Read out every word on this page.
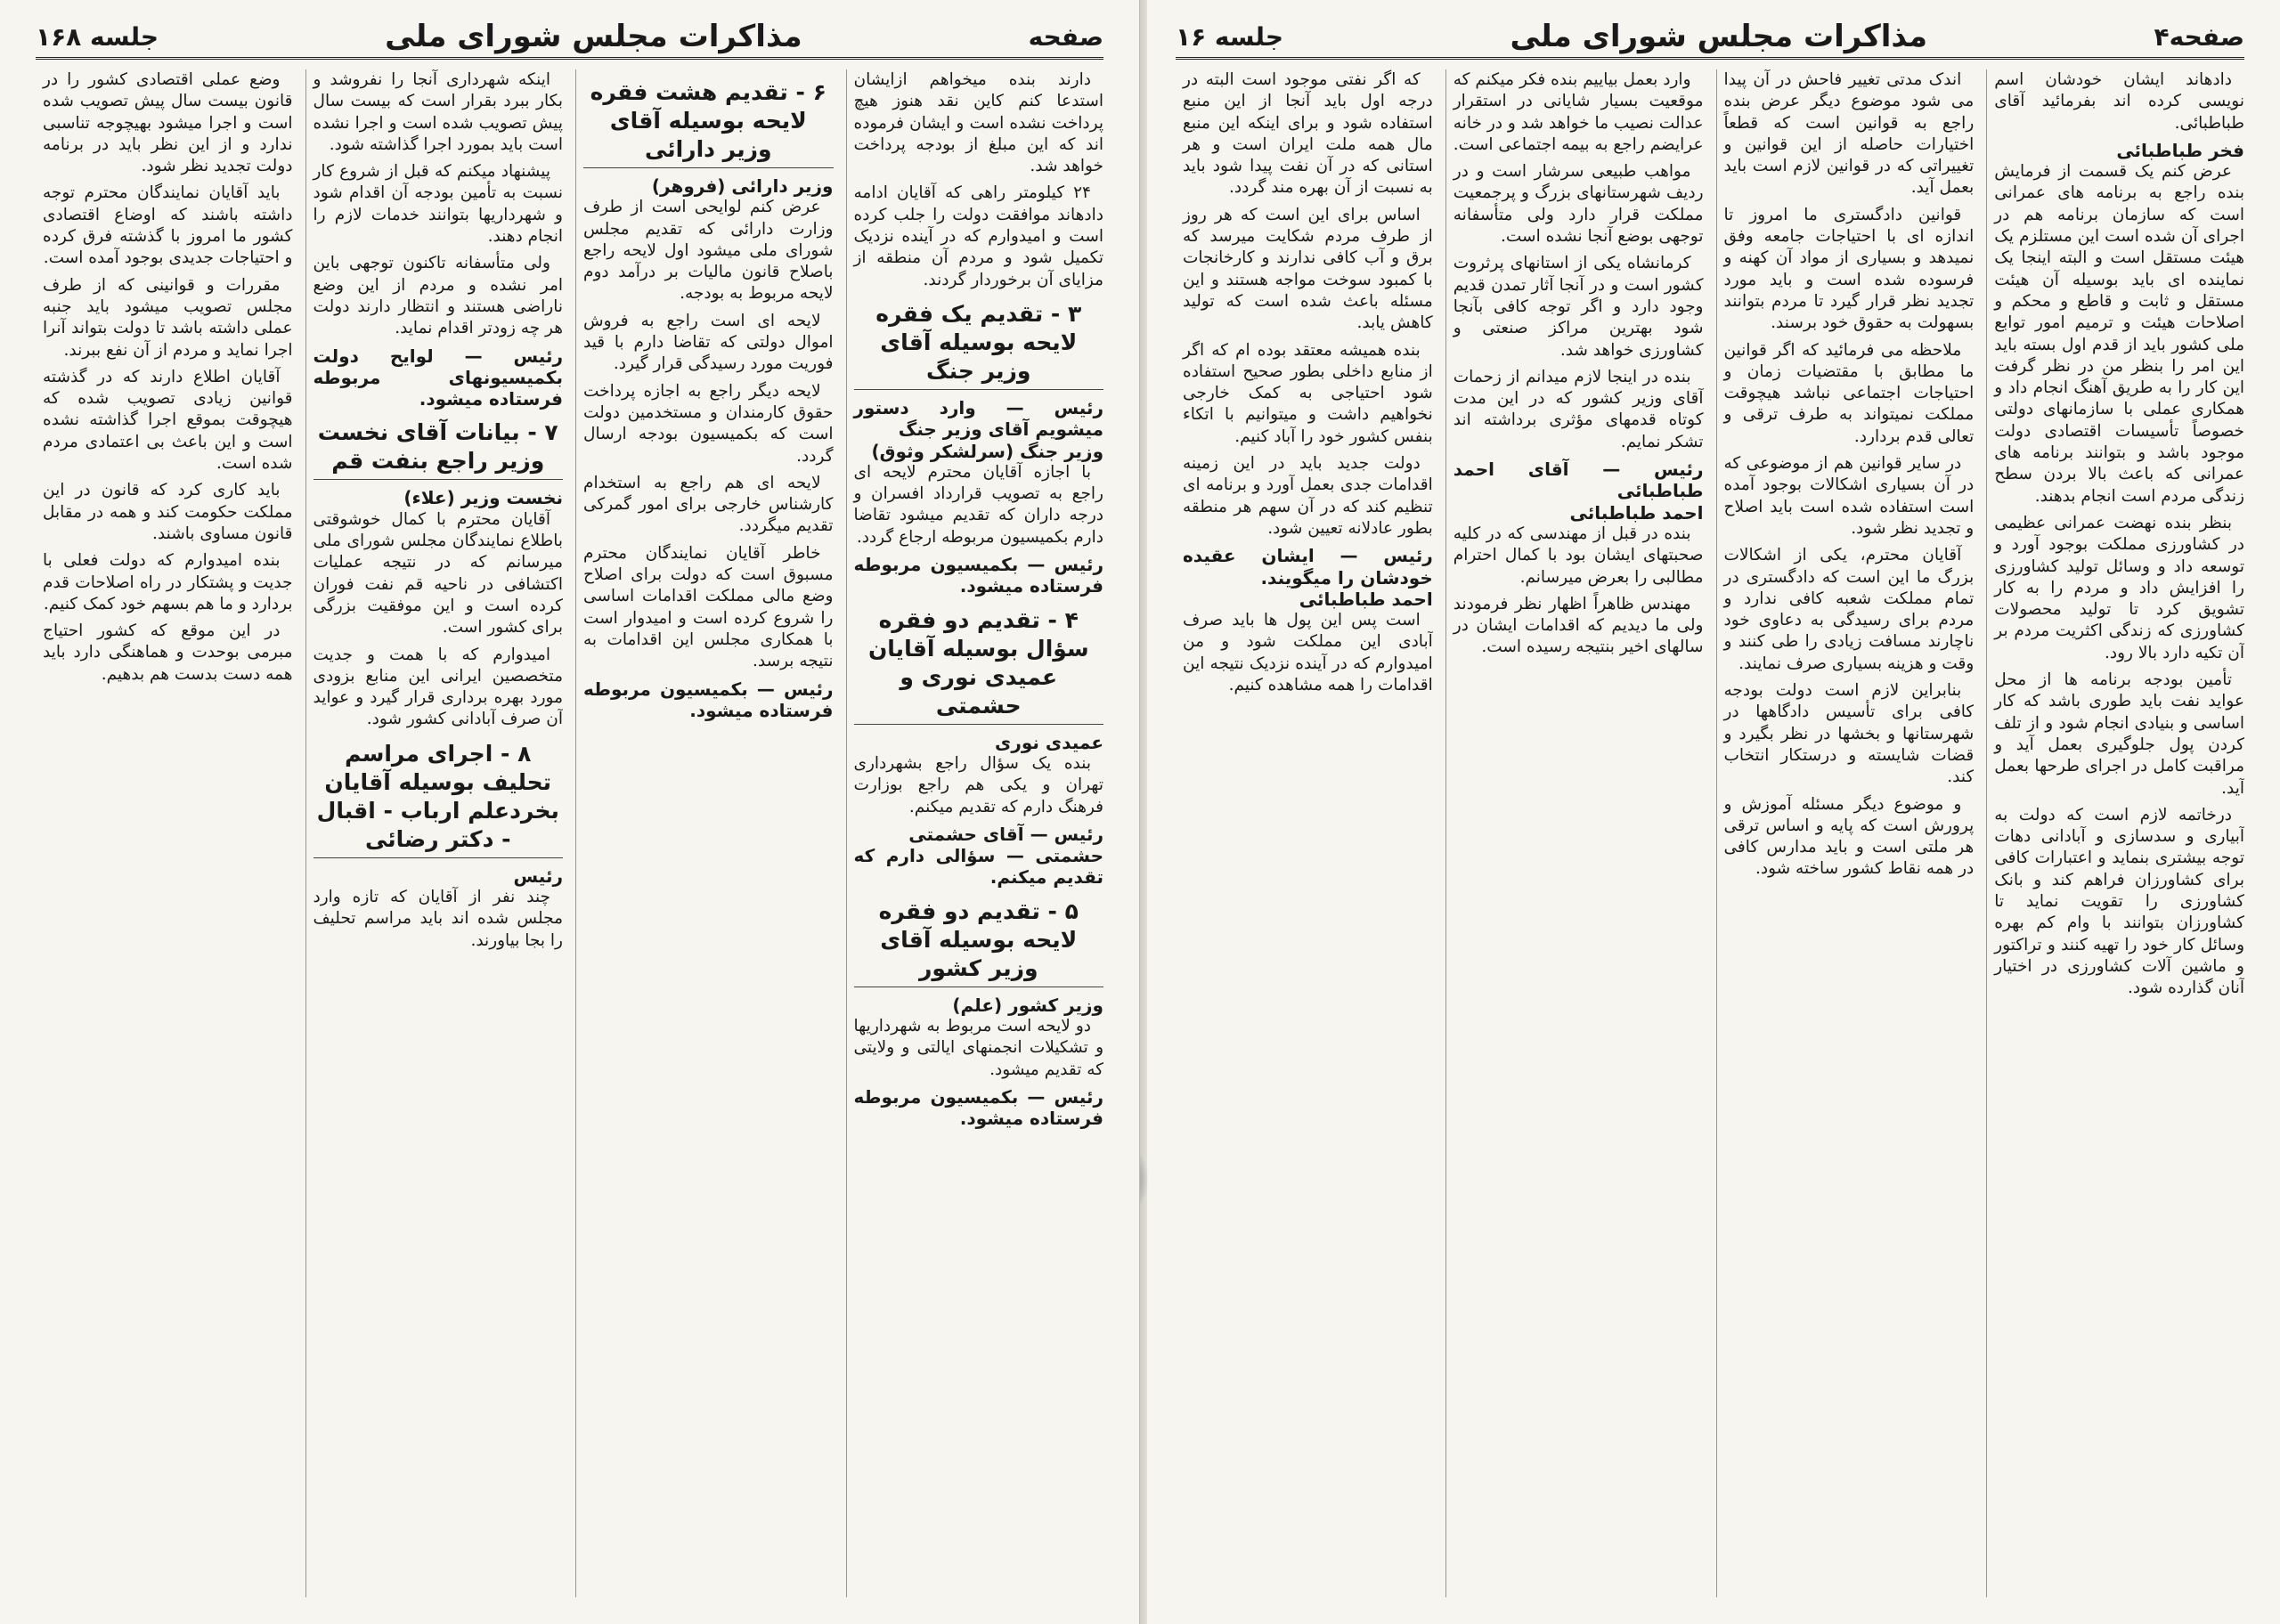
صفحه۴
مذاکرات مجلس شورای ملی
جلسه ۱۶

دادهاند ایشان خودشان اسم نویسی کرده اند بفرمائید آقای طباطبائی.

فخر طباطبائی

عرض کنم یک قسمت از فرمایش بنده راجع به برنامه های عمرانی است که سازمان برنامه هم در اجرای آن شده است این مستلزم یک هیئت مستقل است و البته اینجا یک نماینده ای باید بوسیله آن هیئت مستقل و ثابت و قاطع و محکم و اصلاحات هیئت و ترمیم امور توابع ملی کشور باید از قدم اول بسته باید این امر را بنظر من در نظر گرفت این کار را به طریق آهنگ انجام داد و همکاری عملی با سازمانهای دولتی خصوصاً تأسیسات اقتصادی دولت موجود باشد و بتوانند برنامه های عمرانی که باعث بالا بردن سطح زندگی مردم است انجام بدهند.

بنظر بنده نهضت عمرانی عظیمی در کشاورزی مملکت بوجود آورد و توسعه داد و وسائل تولید کشاورزی را افزایش داد و مردم را به کار تشویق کرد تا تولید محصولات کشاورزی که زندگی اکثریت مردم بر آن تکیه دارد بالا رود.

تأمین بودجه برنامه ها از محل عواید نفت باید طوری باشد که کار اساسی و بنیادی انجام شود و از تلف کردن پول جلوگیری بعمل آید و مراقبت کامل در اجرای طرحها بعمل آید.

درخاتمه لازم است که دولت به آبیاری و سدسازی و آبادانی دهات توجه بیشتری بنماید و اعتبارات کافی برای کشاورزان فراهم کند و بانک کشاورزی را تقویت نماید تا کشاورزان بتوانند با وام کم بهره وسائل کار خود را تهیه کنند و تراکتور و ماشین آلات کشاورزی در اختیار آنان گذارده شود.

اندک مدتی تغییر فاحش در آن پیدا می شود موضوع دیگر عرض بنده راجع به قوانین است که قطعاً اختیارات حاصله از این قوانین و تغییراتی که در قوانین لازم است باید بعمل آید.

قوانین دادگستری ما امروز تا اندازه ای با احتیاجات جامعه وفق نمیدهد و بسیاری از مواد آن کهنه و فرسوده شده است و باید مورد تجدید نظر قرار گیرد تا مردم بتوانند بسهولت به حقوق خود برسند.

ملاحظه می فرمائید که اگر قوانین ما مطابق با مقتضیات زمان و احتیاجات اجتماعی نباشد هیچوقت مملکت نمیتواند به طرف ترقی و تعالی قدم بردارد.

در سایر قوانین هم از موضوعی که در آن بسیاری اشکالات بوجود آمده است استفاده شده است باید اصلاح و تجدید نظر شود.

آقایان محترم، یکی از اشکالات بزرگ ما این است که دادگستری در تمام مملکت شعبه کافی ندارد و مردم برای رسیدگی به دعاوی خود ناچارند مسافت زیادی را طی کنند و وقت و هزینه بسیاری صرف نمایند.

بنابراین لازم است دولت بودجه کافی برای تأسیس دادگاهها در شهرستانها و بخشها در نظر بگیرد و قضات شایسته و درستکار انتخاب کند.

و موضوع دیگر مسئله آموزش و پرورش است که پایه و اساس ترقی هر ملتی است و باید مدارس کافی در همه نقاط کشور ساخته شود.

وارد بعمل بیاییم بنده فکر میکنم که موقعیت بسیار شایانی در استقرار عدالت نصیب ما خواهد شد و در خانه عرایضم راجع به بیمه اجتماعی است.

مواهب طبیعی سرشار است و در ردیف شهرستانهای بزرگ و پرجمعیت مملکت قرار دارد ولی متأسفانه توجهی بوضع آنجا نشده است.

کرمانشاه یکی از استانهای پرثروت کشور است و در آنجا آثار تمدن قدیم وجود دارد و اگر توجه کافی بآنجا شود بهترین مراکز صنعتی و کشاورزی خواهد شد.

بنده در اینجا لازم میدانم از زحمات آقای وزیر کشور که در این مدت کوتاه قدمهای مؤثری برداشته اند تشکر نمایم.

رئیس — آقای احمد طباطبائی
احمد طباطبائی

بنده در قبل از مهندسی که در کلیه صحبتهای ایشان بود با کمال احترام مطالبی را بعرض میرسانم.

مهندس ظاهراً اظهار نظر فرمودند ولی ما دیدیم که اقدامات ایشان در سالهای اخیر بنتیجه رسیده است.

که اگر نفتی موجود است البته در درجه اول باید آنجا از این منبع استفاده شود و برای اینکه این منبع مال همه ملت ایران است و هر استانی که در آن نفت پیدا شود باید به نسبت از آن بهره مند گردد.

اساس برای این است که هر روز از طرف مردم شکایت میرسد که برق و آب کافی ندارند و کارخانجات با کمبود سوخت مواجه هستند و این مسئله باعث شده است که تولید کاهش یابد.

بنده همیشه معتقد بوده ام که اگر از منابع داخلی بطور صحیح استفاده شود احتیاجی به کمک خارجی نخواهیم داشت و میتوانیم با اتکاء بنفس کشور خود را آباد کنیم.

دولت جدید باید در این زمینه اقدامات جدی بعمل آورد و برنامه ای تنظیم کند که در آن سهم هر منطقه بطور عادلانه تعیین شود.

رئیس — ایشان عقیده خودشان را میگویند.
احمد طباطبائی

است پس این پول ها باید صرف آبادی این مملکت شود و من امیدوارم که در آینده نزدیک نتیجه این اقدامات را همه مشاهده کنیم.

صفحه
مذاکرات مجلس شورای ملی
جلسه ۱۶۸

دارند بنده میخواهم ازایشان استدعا کنم کاین نقد هنوز هیچ پرداخت نشده است و ایشان فرموده اند که این مبلغ از بودجه پرداخت خواهد شد.

۲۴ کیلومتر راهی که آقایان ادامه دادهاند موافقت دولت را جلب کرده است و امیدوارم که در آینده نزدیک تکمیل شود و مردم آن منطقه از مزایای آن برخوردار گردند.

۳ - تقدیم یک فقره لایحه بوسیله آقای وزیر جنگ
رئیس — وارد دستور میشویم آقای وزیر جنگ
وزیر جنگ (سرلشکر وثوق)

با اجازه آقایان محترم لایحه ای راجع به تصویب قرارداد افسران و درجه داران که تقدیم میشود تقاضا دارم بکمیسیون مربوطه ارجاع گردد.

رئیس — بکمیسیون مربوطه فرستاده میشود.
۴ - تقدیم دو فقره سؤال بوسیله آقایان عمیدی نوری و حشمتی
عمیدی نوری

بنده یک سؤال راجع بشهرداری تهران و یکی هم راجع بوزارت فرهنگ دارم که تقدیم میکنم.

رئیس — آقای حشمتی
حشمتی — سؤالی دارم که تقدیم میکنم.
۵ - تقدیم دو فقره لایحه بوسیله آقای وزیر کشور
وزیر کشور (علم)

دو لایحه است مربوط به شهرداریها و تشکیلات انجمنهای ایالتی و ولایتی که تقدیم میشود.

رئیس — بکمیسیون مربوطه فرستاده میشود.
۶ - تقدیم هشت فقره لایحه بوسیله آقای وزیر دارائی
وزیر دارائی (فروهر)

عرض کنم لوایحی است از طرف وزارت دارائی که تقدیم مجلس شورای ملی میشود اول لایحه راجع باصلاح قانون مالیات بر درآمد دوم لایحه مربوط به بودجه.

لایحه ای است راجع به فروش اموال دولتی که تقاضا دارم با قید فوریت مورد رسیدگی قرار گیرد.

لایحه دیگر راجع به اجازه پرداخت حقوق کارمندان و مستخدمین دولت است که بکمیسیون بودجه ارسال گردد.

لایحه ای هم راجع به استخدام کارشناس خارجی برای امور گمرکی تقدیم میگردد.

خاطر آقایان نمایندگان محترم مسبوق است که دولت برای اصلاح وضع مالی مملکت اقدامات اساسی را شروع کرده است و امیدوار است با همکاری مجلس این اقدامات به نتیجه برسد.

رئیس — بکمیسیون مربوطه فرستاده میشود.

اینکه شهرداری آنجا را نفروشد و بکار ببرد بقرار است که بیست سال پیش تصویب شده است و اجرا نشده است باید بمورد اجرا گذاشته شود.

پیشنهاد میکنم که قبل از شروع کار نسبت به تأمین بودجه آن اقدام شود و شهرداریها بتوانند خدمات لازم را انجام دهند.

ولی متأسفانه تاکنون توجهی باین امر نشده و مردم از این وضع ناراضی هستند و انتظار دارند دولت هر چه زودتر اقدام نماید.

رئیس — لوایح دولت بکمیسیونهای مربوطه فرستاده میشود.
۷ - بیانات آقای نخست وزیر راجع بنفت قم
نخست وزیر (علاء)

آقایان محترم با کمال خوشوقتی باطلاع نمایندگان مجلس شورای ملی میرسانم که در نتیجه عملیات اکتشافی در ناحیه قم نفت فوران کرده است و این موفقیت بزرگی برای کشور است.

امیدوارم که با همت و جدیت متخصصین ایرانی این منابع بزودی مورد بهره برداری قرار گیرد و عواید آن صرف آبادانی کشور شود.

۸ - اجرای مراسم تحلیف بوسیله آقایان بخردعلم ارباب - اقبال - دکتر رضائی
رئیس

چند نفر از آقایان که تازه وارد مجلس شده اند باید مراسم تحلیف را بجا بیاورند.

وضع عملی اقتصادی کشور را در قانون بیست سال پیش تصویب شده است و اجرا میشود بهیچوجه تناسبی ندارد و از این نظر باید در برنامه دولت تجدید نظر شود.

باید آقایان نمایندگان محترم توجه داشته باشند که اوضاع اقتصادی کشور ما امروز با گذشته فرق کرده و احتیاجات جدیدی بوجود آمده است.

مقررات و قوانینی که از طرف مجلس تصویب میشود باید جنبه عملی داشته باشد تا دولت بتواند آنرا اجرا نماید و مردم از آن نفع ببرند.

آقایان اطلاع دارند که در گذشته قوانین زیادی تصویب شده که هیچوقت بموقع اجرا گذاشته نشده است و این باعث بی اعتمادی مردم شده است.

باید کاری کرد که قانون در این مملکت حکومت کند و همه در مقابل قانون مساوی باشند.

بنده امیدوارم که دولت فعلی با جدیت و پشتکار در راه اصلاحات قدم بردارد و ما هم بسهم خود کمک کنیم.

در این موقع که کشور احتیاج مبرمی بوحدت و هماهنگی دارد باید همه دست بدست هم بدهیم.
